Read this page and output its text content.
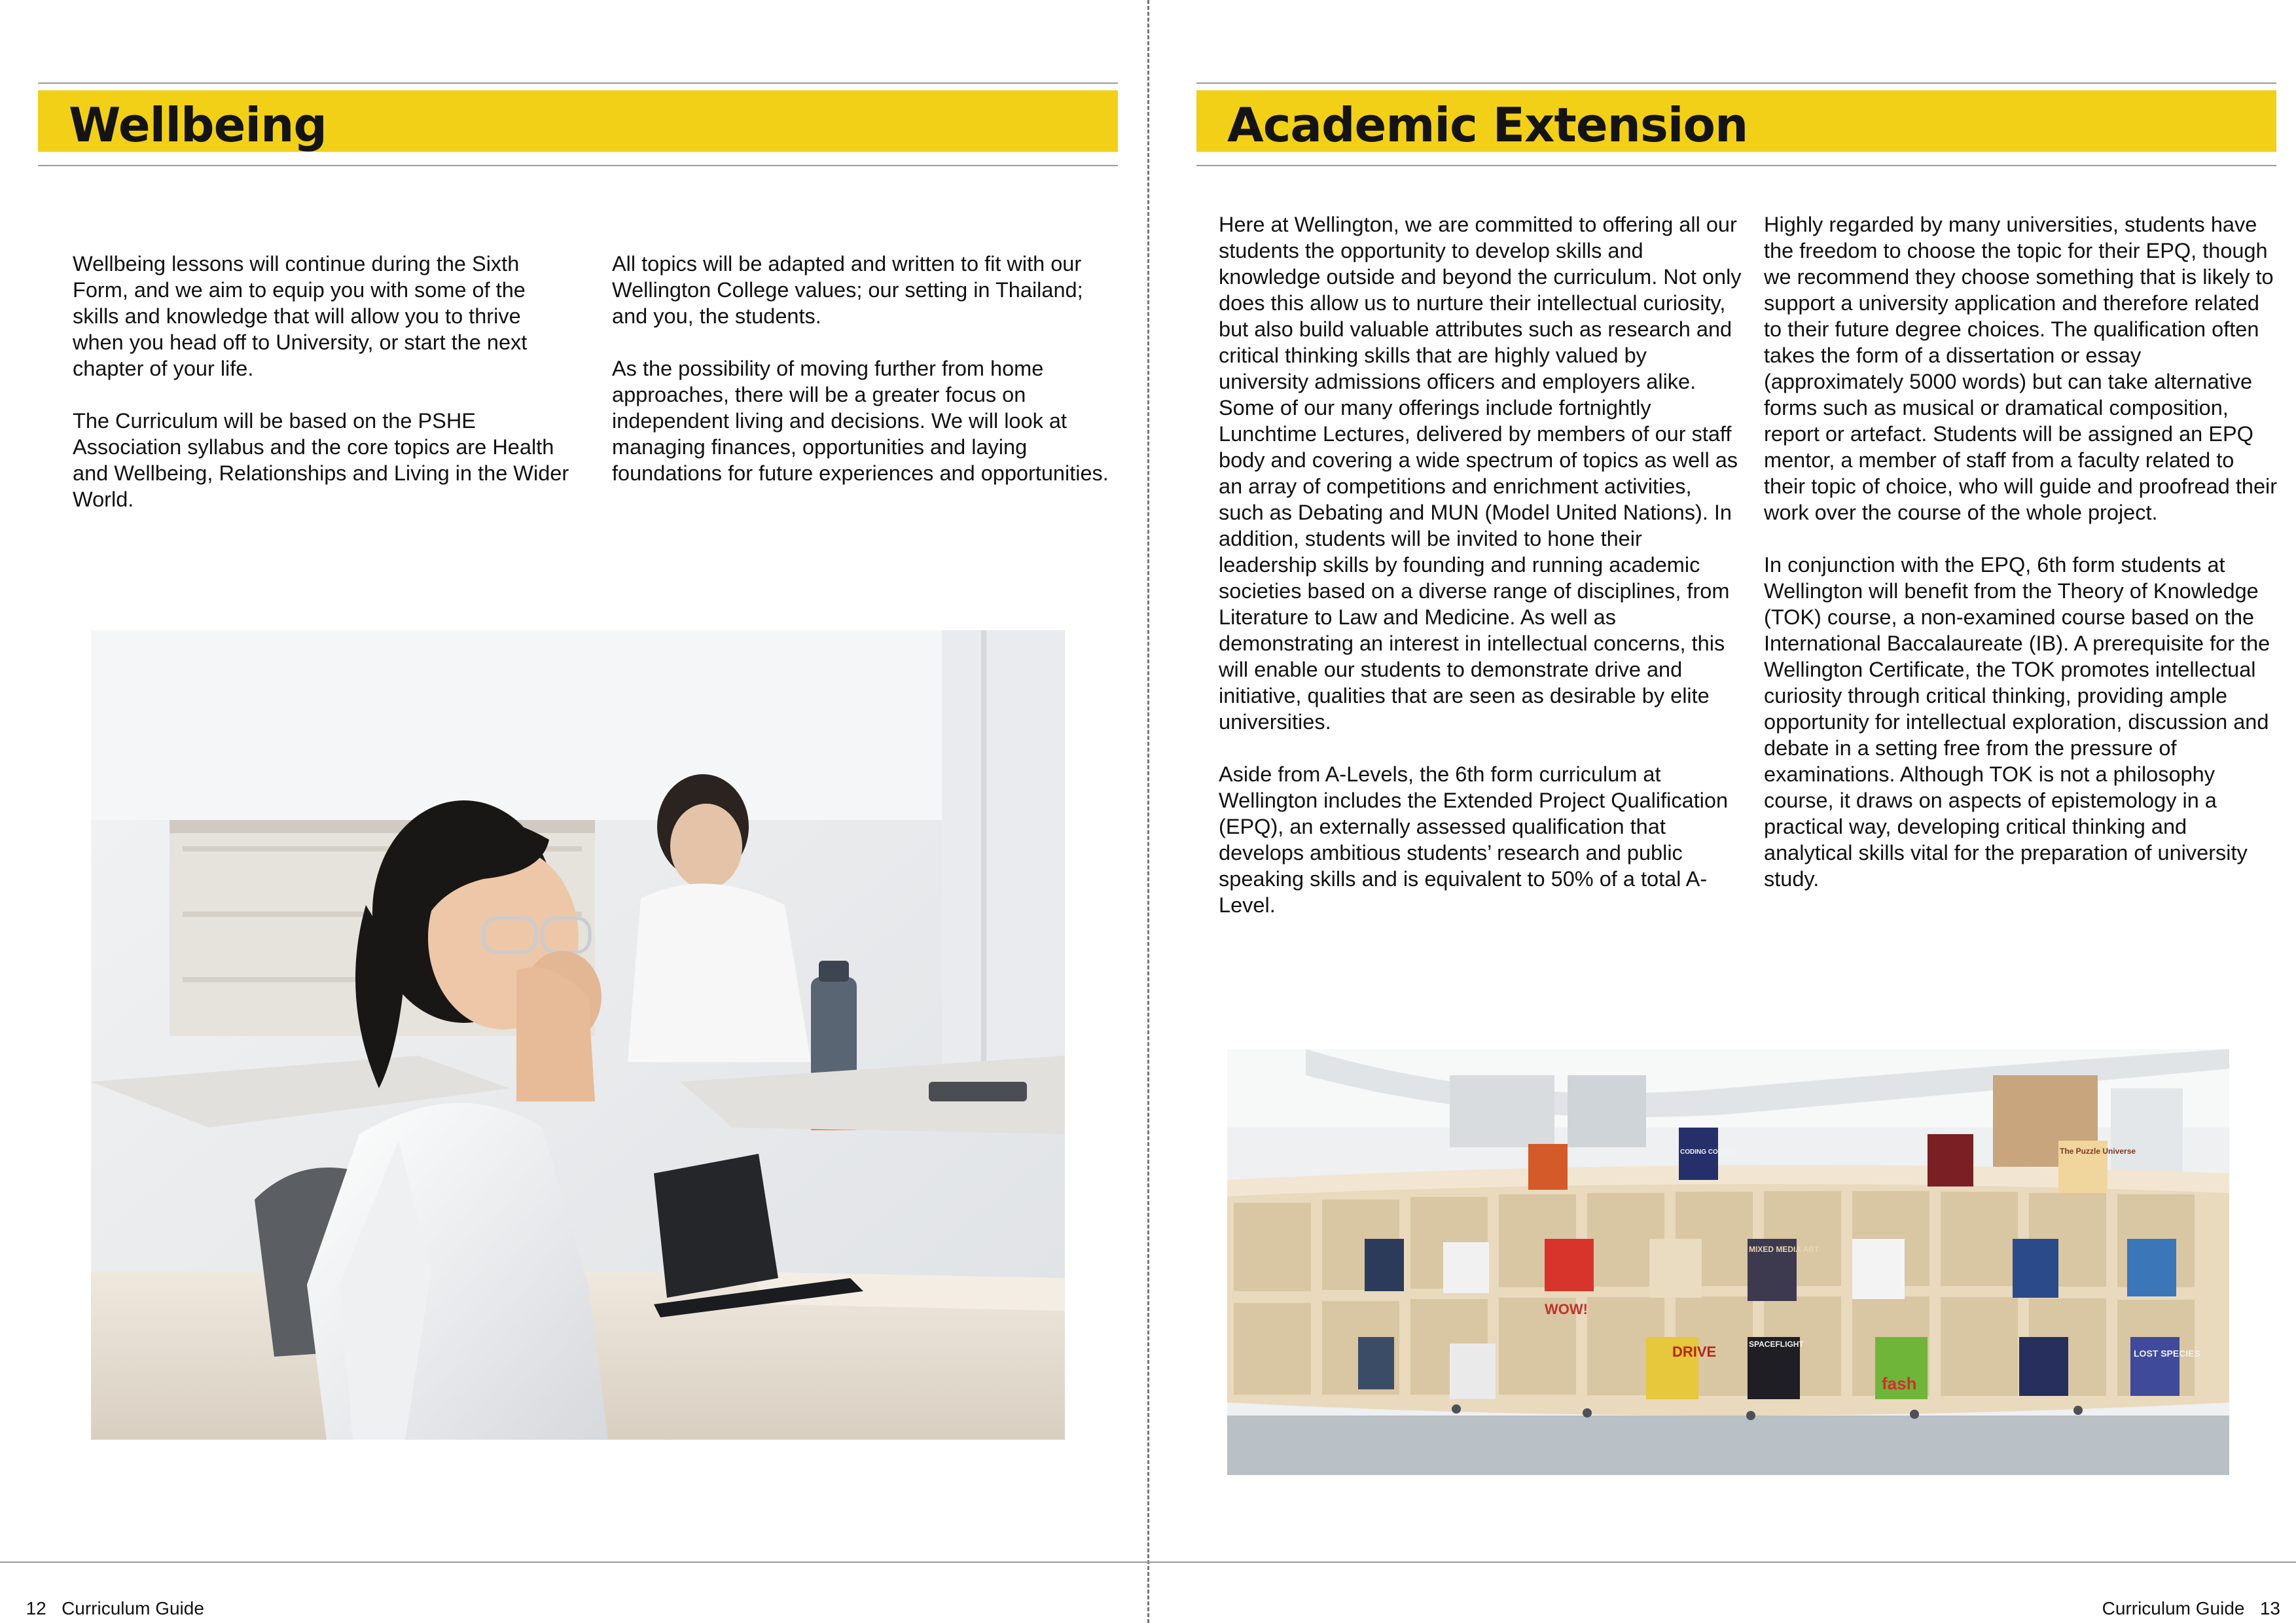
Wellbeing

Wellbeing lessons will continue during the Sixth Form, and we aim to equip you with some of the skills and knowledge that will allow you to thrive when you head off to University, or start the next chapter of your life.

The Curriculum will be based on the PSHE Association syllabus and the core topics are Health and Wellbeing, Relationships and Living in the Wider World.

All topics will be adapted and written to fit with our Wellington College values; our setting in Thailand; and you, the students.

As the possibility of moving further from home approaches, there will be a greater focus on independent living and decisions. We will look at managing finances, opportunities and laying foundations for future experiences and opportunities.

12 Curriculum Guide

Academic Extension

Here at Wellington, we are committed to offering all our students the opportunity to develop skills and knowledge outside and beyond the curriculum. Not only does this allow us to nurture their intellectual curiosity, but also build valuable attributes such as research and critical thinking skills that are highly valued by university admissions officers and employers alike. Some of our many offerings include fortnightly Lunchtime Lectures, delivered by members of our staff body and covering a wide spectrum of topics as well as an array of competitions and enrichment activities, such as Debating and MUN (Model United Nations). In addition, students will be invited to hone their leadership skills by founding and running academic societies based on a diverse range of disciplines, from Literature to Law and Medicine. As well as demonstrating an interest in intellectual concerns, this will enable our students to demonstrate drive and initiative, qualities that are seen as desirable by elite universities.

Aside from A-Levels, the 6th form curriculum at Wellington includes the Extended Project Qualification (EPQ), an externally assessed qualification that develops ambitious students’ research and public speaking skills and is equivalent to 50% of a total A-Level.

Highly regarded by many universities, students have the freedom to choose the topic for their EPQ, though we recommend they choose something that is likely to support a university application and therefore related to their future degree choices. The qualification often takes the form of a dissertation or essay (approximately 5000 words) but can take alternative forms such as musical or dramatical composition, report or artefact. Students will be assigned an EPQ mentor, a member of staff from a faculty related to their topic of choice, who will guide and proofread their work over the course of the whole project.

In conjunction with the EPQ, 6th form students at Wellington will benefit from the Theory of Knowledge (TOK) course, a non-examined course based on the International Baccalaureate (IB). A prerequisite for the Wellington Certificate, the TOK promotes intellectual curiosity through critical thinking, providing ample opportunity for intellectual exploration, discussion and debate in a setting free from the pressure of examinations. Although TOK is not a philosophy course, it draws on aspects of epistemology in a practical way, developing critical thinking and analytical skills vital for the preparation of university study.

DRIVE
WOW!
fash
MIXED MEDIA ART
SPACEFLIGHT
The Puzzle Universe
LOST SPECIES
CODING COURSE

Curriculum Guide 13
